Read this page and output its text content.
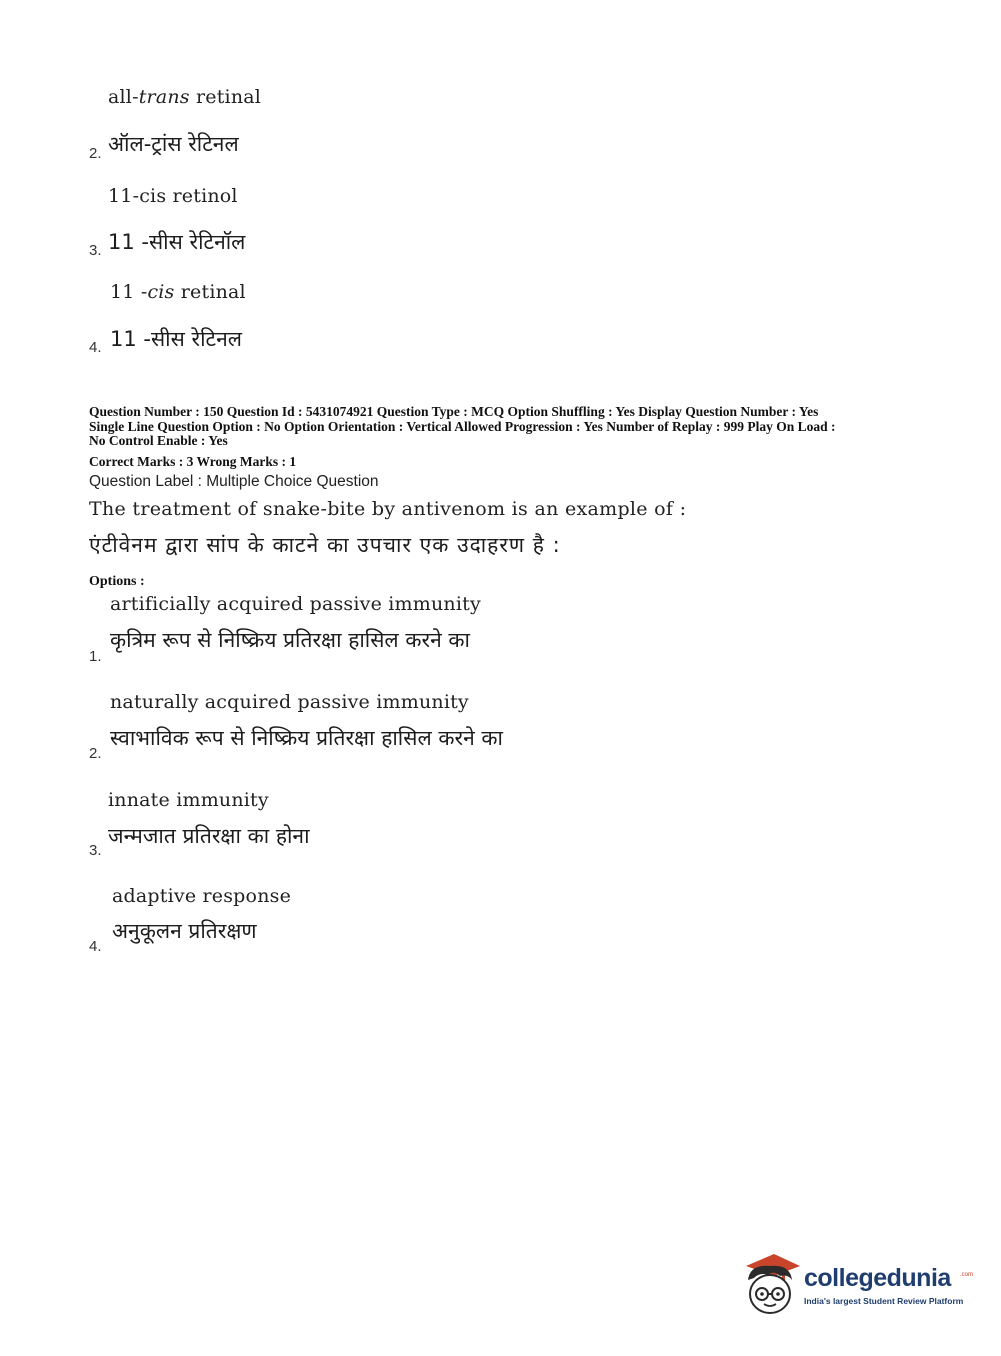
all-trans retinal
2. ऑल-ट्रांस रेटिनल
11-cis retinol
3. 11 -सीस रेटिनॉल
11 -cis retinal
4. 11 -सीस रेटिनल
Question Number : 150 Question Id : 5431074921 Question Type : MCQ Option Shuffling : Yes Display Question Number : Yes
Single Line Question Option : No Option Orientation : Vertical Allowed Progression : Yes Number of Replay : 999 Play On Load :
No Control Enable : Yes
Correct Marks : 3 Wrong Marks : 1
Question Label : Multiple Choice Question
The treatment of snake-bite by antivenom is an example of :
एंटीवेनम द्वारा सांप के काटने का उपचार एक उदाहरण है :
Options :
artificially acquired passive immunity
कृत्रिम रूप से निष्क्रिय प्रतिरक्षा हासिल करने का
1.
naturally acquired passive immunity
स्वाभाविक रूप से निष्क्रिय प्रतिरक्षा हासिल करने का
2.
innate immunity
जन्मजात प्रतिरक्षा का होना
3.
adaptive response
अनुकूलन प्रतिरक्षण
4.
collegedunia .com
India's largest Student Review Platform
